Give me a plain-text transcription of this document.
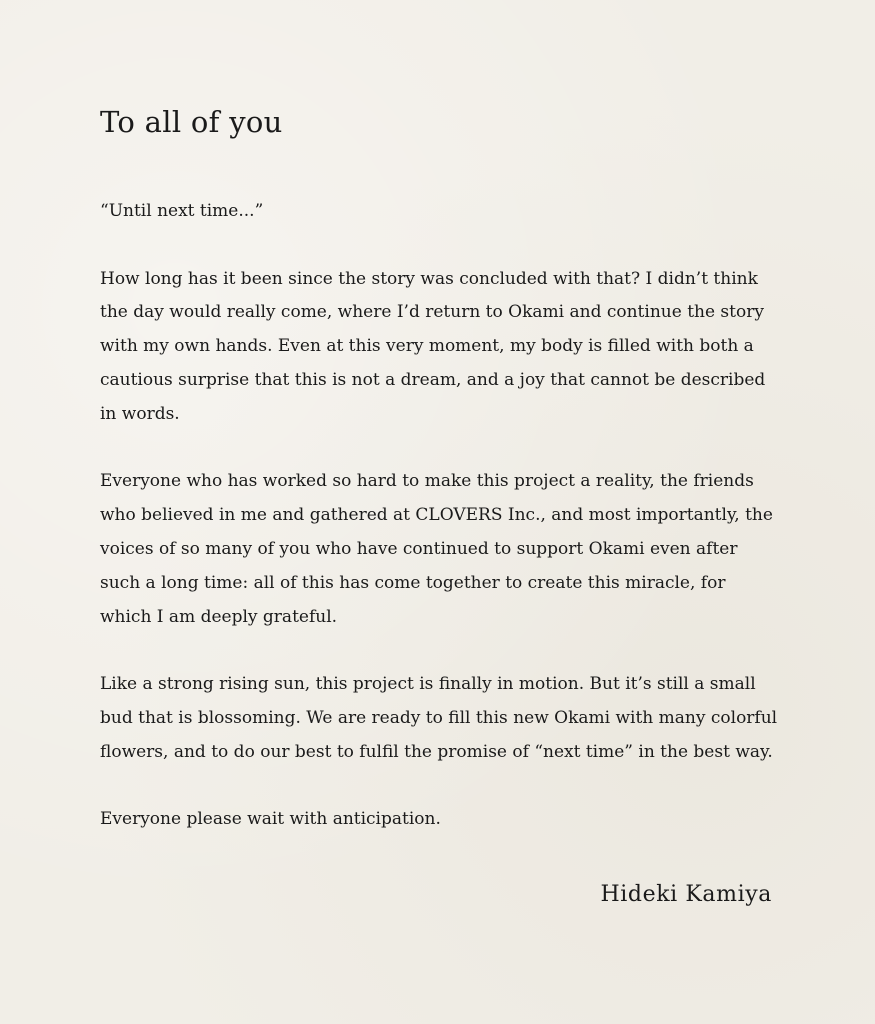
To all of you

“Until next time...”

How long has it been since the story was concluded with that? I didn’t think the day would really come, where I’d return to Okami and continue the story with my own hands. Even at this very moment, my body is filled with both a cautious surprise that this is not a dream, and a joy that cannot be described in words.

Everyone who has worked so hard to make this project a reality, the friends who believed in me and gathered at CLOVERS Inc., and most importantly, the voices of so many of you who have continued to support Okami even after such a long time: all of this has come together to create this miracle, for which I am deeply grateful.

Like a strong rising sun, this project is finally in motion. But it’s still a small bud that is blossoming. We are ready to fill this new Okami with many colorful flowers, and to do our best to fulfil the promise of “next time” in the best way.

Everyone please wait with anticipation.

Hideki Kamiya
